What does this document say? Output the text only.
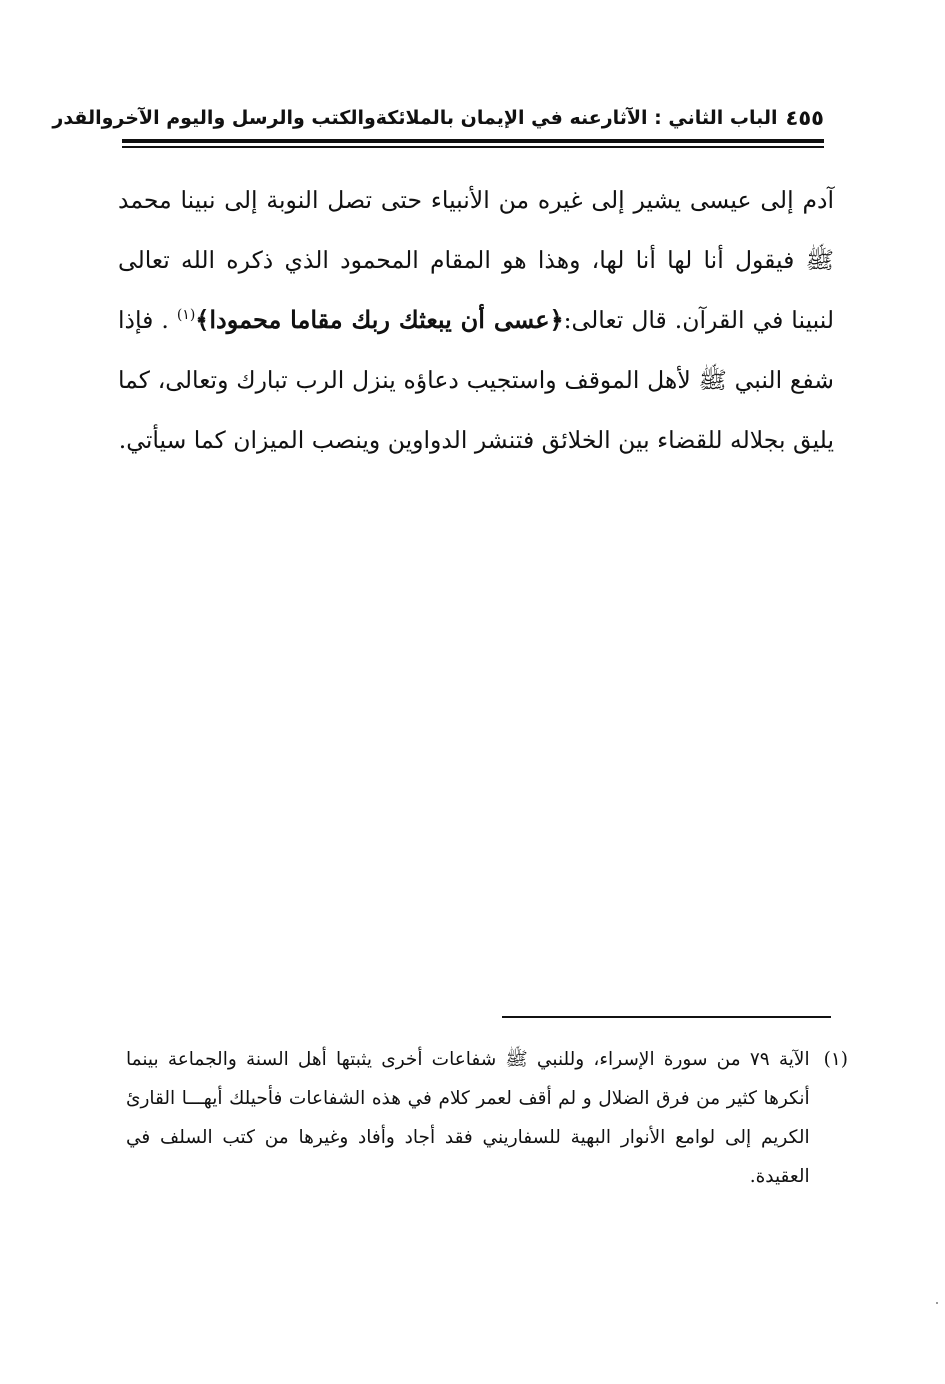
٤٥٥
الباب الثاني : الآثارعنه في الإيمان بالملائكةوالكتب والرسل واليوم الآخروالقدر

آدم إلى عيسى يشير إلى غيره من الأنبياء حتى تصل النوبة إلى نبينا محمد ﷺ فيقول أنا لها أنا لها، وهذا هو المقام المحمود الذي ذكره الله تعالى لنبينا في القرآن. قال تعالى:﴿عسى أن يبعثك ربك مقاما محمودا﴾$^{(١)}$ . فإذا شفع النبي ﷺ لأهل الموقف واستجيب دعاؤه ينزل الرب تبارك وتعالى، كما يليق بجلاله للقضاء بين الخلائق فتنشر الدواوين وينصب الميزان كما سيأتي.

(١)
الآية ٧٩ من سورة الإسراء، وللنبي ﷺ شفاعات أخرى يثبتها أهل السنة والجماعة بينما أنكرها كثير من فرق الضلال و لم أقف لعمر كلام في هذه الشفاعات فأحيلك أيهـــا القارئ الكريم إلى لوامع الأنوار البهية للسفاريني فقد أجاد وأفاد وغيرها من كتب السلف في العقيدة.
